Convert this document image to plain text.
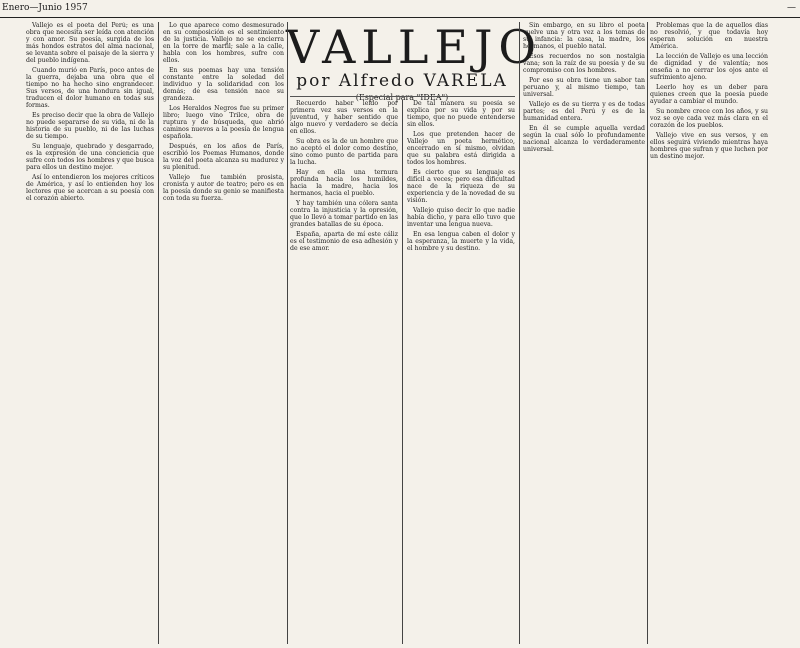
Enero—Junio 1957	—
VALLEJO
por Alfredo VARELA
(Especial para "IDEA")

Vallejo es el poeta del Perú; es una obra que necesita ser leída con atención y con amor. Su poesía, surgida de los más hondos estratos del alma nacional, se levanta sobre el paisaje de la sierra y del pueblo indígena.

Cuando murió en París, poco antes de la guerra, dejaba una obra que el tiempo no ha hecho sino engrandecer. Sus versos, de una hondura sin igual, traducen el dolor humano en todas sus formas.

Es preciso decir que la obra de Vallejo no puede separarse de su vida, ni de la historia de su pueblo, ni de las luchas de su tiempo.

Su lenguaje, quebrado y desgarrado, es la expresión de una conciencia que sufre con todos los hombres y que busca para ellos un destino mejor.

Así lo entendieron los mejores críticos de América, y así lo entienden hoy los lectores que se acercan a su poesía con el corazón abierto.

Lo que aparece como desmesurado en su composición es el sentimiento de la justicia. Vallejo no se encierra en la torre de marfil; sale a la calle, habla con los hombres, sufre con ellos.

En sus poemas hay una tensión constante entre la soledad del individuo y la solidaridad con los demás; de esa tensión nace su grandeza.

Los Heraldos Negros fue su primer libro; luego vino Trilce, obra de ruptura y de búsqueda, que abrió caminos nuevos a la poesía de lengua española.

Después, en los años de París, escribió los Poemas Humanos, donde la voz del poeta alcanza su madurez y su plenitud.

Vallejo fue también prosista, cronista y autor de teatro; pero es en la poesía donde su genio se manifiesta con toda su fuerza.

Recuerdo haber leído por primera vez sus versos en la juventud, y haber sentido que algo nuevo y verdadero se decía en ellos.

Su obra es la de un hombre que no aceptó el dolor como destino, sino como punto de partida para la lucha.

Hay en ella una ternura profunda hacia los humildes, hacia la madre, hacia los hermanos, hacia el pueblo.

Y hay también una cólera santa contra la injusticia y la opresión, que lo llevó a tomar partido en las grandes batallas de su época.

España, aparta de mí este cáliz es el testimonio de esa adhesión y de ese amor.

De tal manera su poesía se explica por su vida y por su tiempo, que no puede entenderse sin ellos.

Los que pretenden hacer de Vallejo un poeta hermético, encerrado en sí mismo, olvidan que su palabra está dirigida a todos los hombres.

Es cierto que su lenguaje es difícil a veces; pero esa dificultad nace de la riqueza de su experiencia y de la novedad de su visión.

Vallejo quiso decir lo que nadie había dicho, y para ello tuvo que inventar una lengua nueva.

En esa lengua caben el dolor y la esperanza, la muerte y la vida, el hombre y su destino.

Sin embargo, en su libro el poeta vuelve una y otra vez a los temas de su infancia: la casa, la madre, los hermanos, el pueblo natal.

Esos recuerdos no son nostalgia vana; son la raíz de su poesía y de su compromiso con los hombres.

Por eso su obra tiene un sabor tan peruano y, al mismo tiempo, tan universal.

Vallejo es de su tierra y es de todas partes; es del Perú y es de la humanidad entera.

En él se cumple aquella verdad según la cual sólo lo profundamente nacional alcanza lo verdaderamente universal.

Problemas que la de aquellos días no resolvió, y que todavía hoy esperan solución en nuestra América.

La lección de Vallejo es una lección de dignidad y de valentía; nos enseña a no cerrar los ojos ante el sufrimiento ajeno.

Leerlo hoy es un deber para quienes creen que la poesía puede ayudar a cambiar el mundo.

Su nombre crece con los años, y su voz se oye cada vez más clara en el corazón de los pueblos.

Vallejo vive en sus versos, y en ellos seguirá viviendo mientras haya hombres que sufran y que luchen por un destino mejor.
